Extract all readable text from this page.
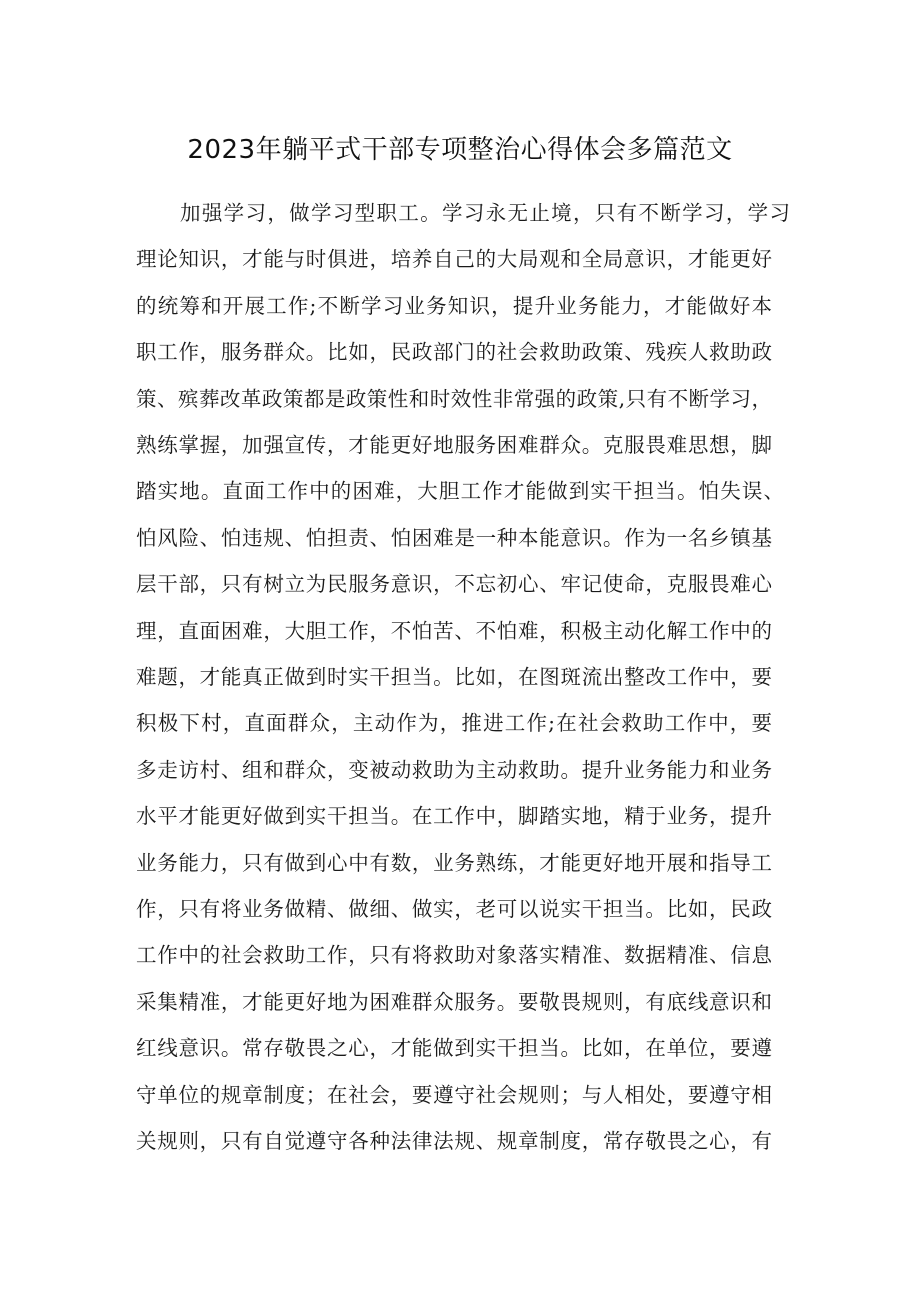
2023年躺平式干部专项整治心得体会多篇范文
加强学习，做学习型职工。学习永无止境，只有不断学习，学习
理论知识，才能与时俱进，培养自己的大局观和全局意识，才能更好
的统筹和开展工作;不断学习业务知识，提升业务能力，才能做好本
职工作，服务群众。比如，民政部门的社会救助政策、残疾人救助政
策、殡葬改革政策都是政策性和时效性非常强的政策,只有不断学习，
熟练掌握，加强宣传，才能更好地服务困难群众。克服畏难思想，脚
踏实地。直面工作中的困难，大胆工作才能做到实干担当。怕失误、
怕风险、怕违规、怕担责、怕困难是一种本能意识。作为一名乡镇基
层干部，只有树立为民服务意识，不忘初心、牢记使命，克服畏难心
理，直面困难，大胆工作，不怕苦、不怕难，积极主动化解工作中的
难题，才能真正做到时实干担当。比如，在图斑流出整改工作中，要
积极下村，直面群众，主动作为，推进工作;在社会救助工作中，要
多走访村、组和群众，变被动救助为主动救助。提升业务能力和业务
水平才能更好做到实干担当。在工作中，脚踏实地，精于业务，提升
业务能力，只有做到心中有数，业务熟练，才能更好地开展和指导工
作，只有将业务做精、做细、做实，老可以说实干担当。比如，民政
工作中的社会救助工作，只有将救助对象落实精准、数据精准、信息
采集精准，才能更好地为困难群众服务。要敬畏规则，有底线意识和
红线意识。常存敬畏之心，才能做到实干担当。比如，在单位，要遵
守单位的规章制度；在社会，要遵守社会规则；与人相处，要遵守相
关规则，只有自觉遵守各种法律法规、规章制度，常存敬畏之心，有
